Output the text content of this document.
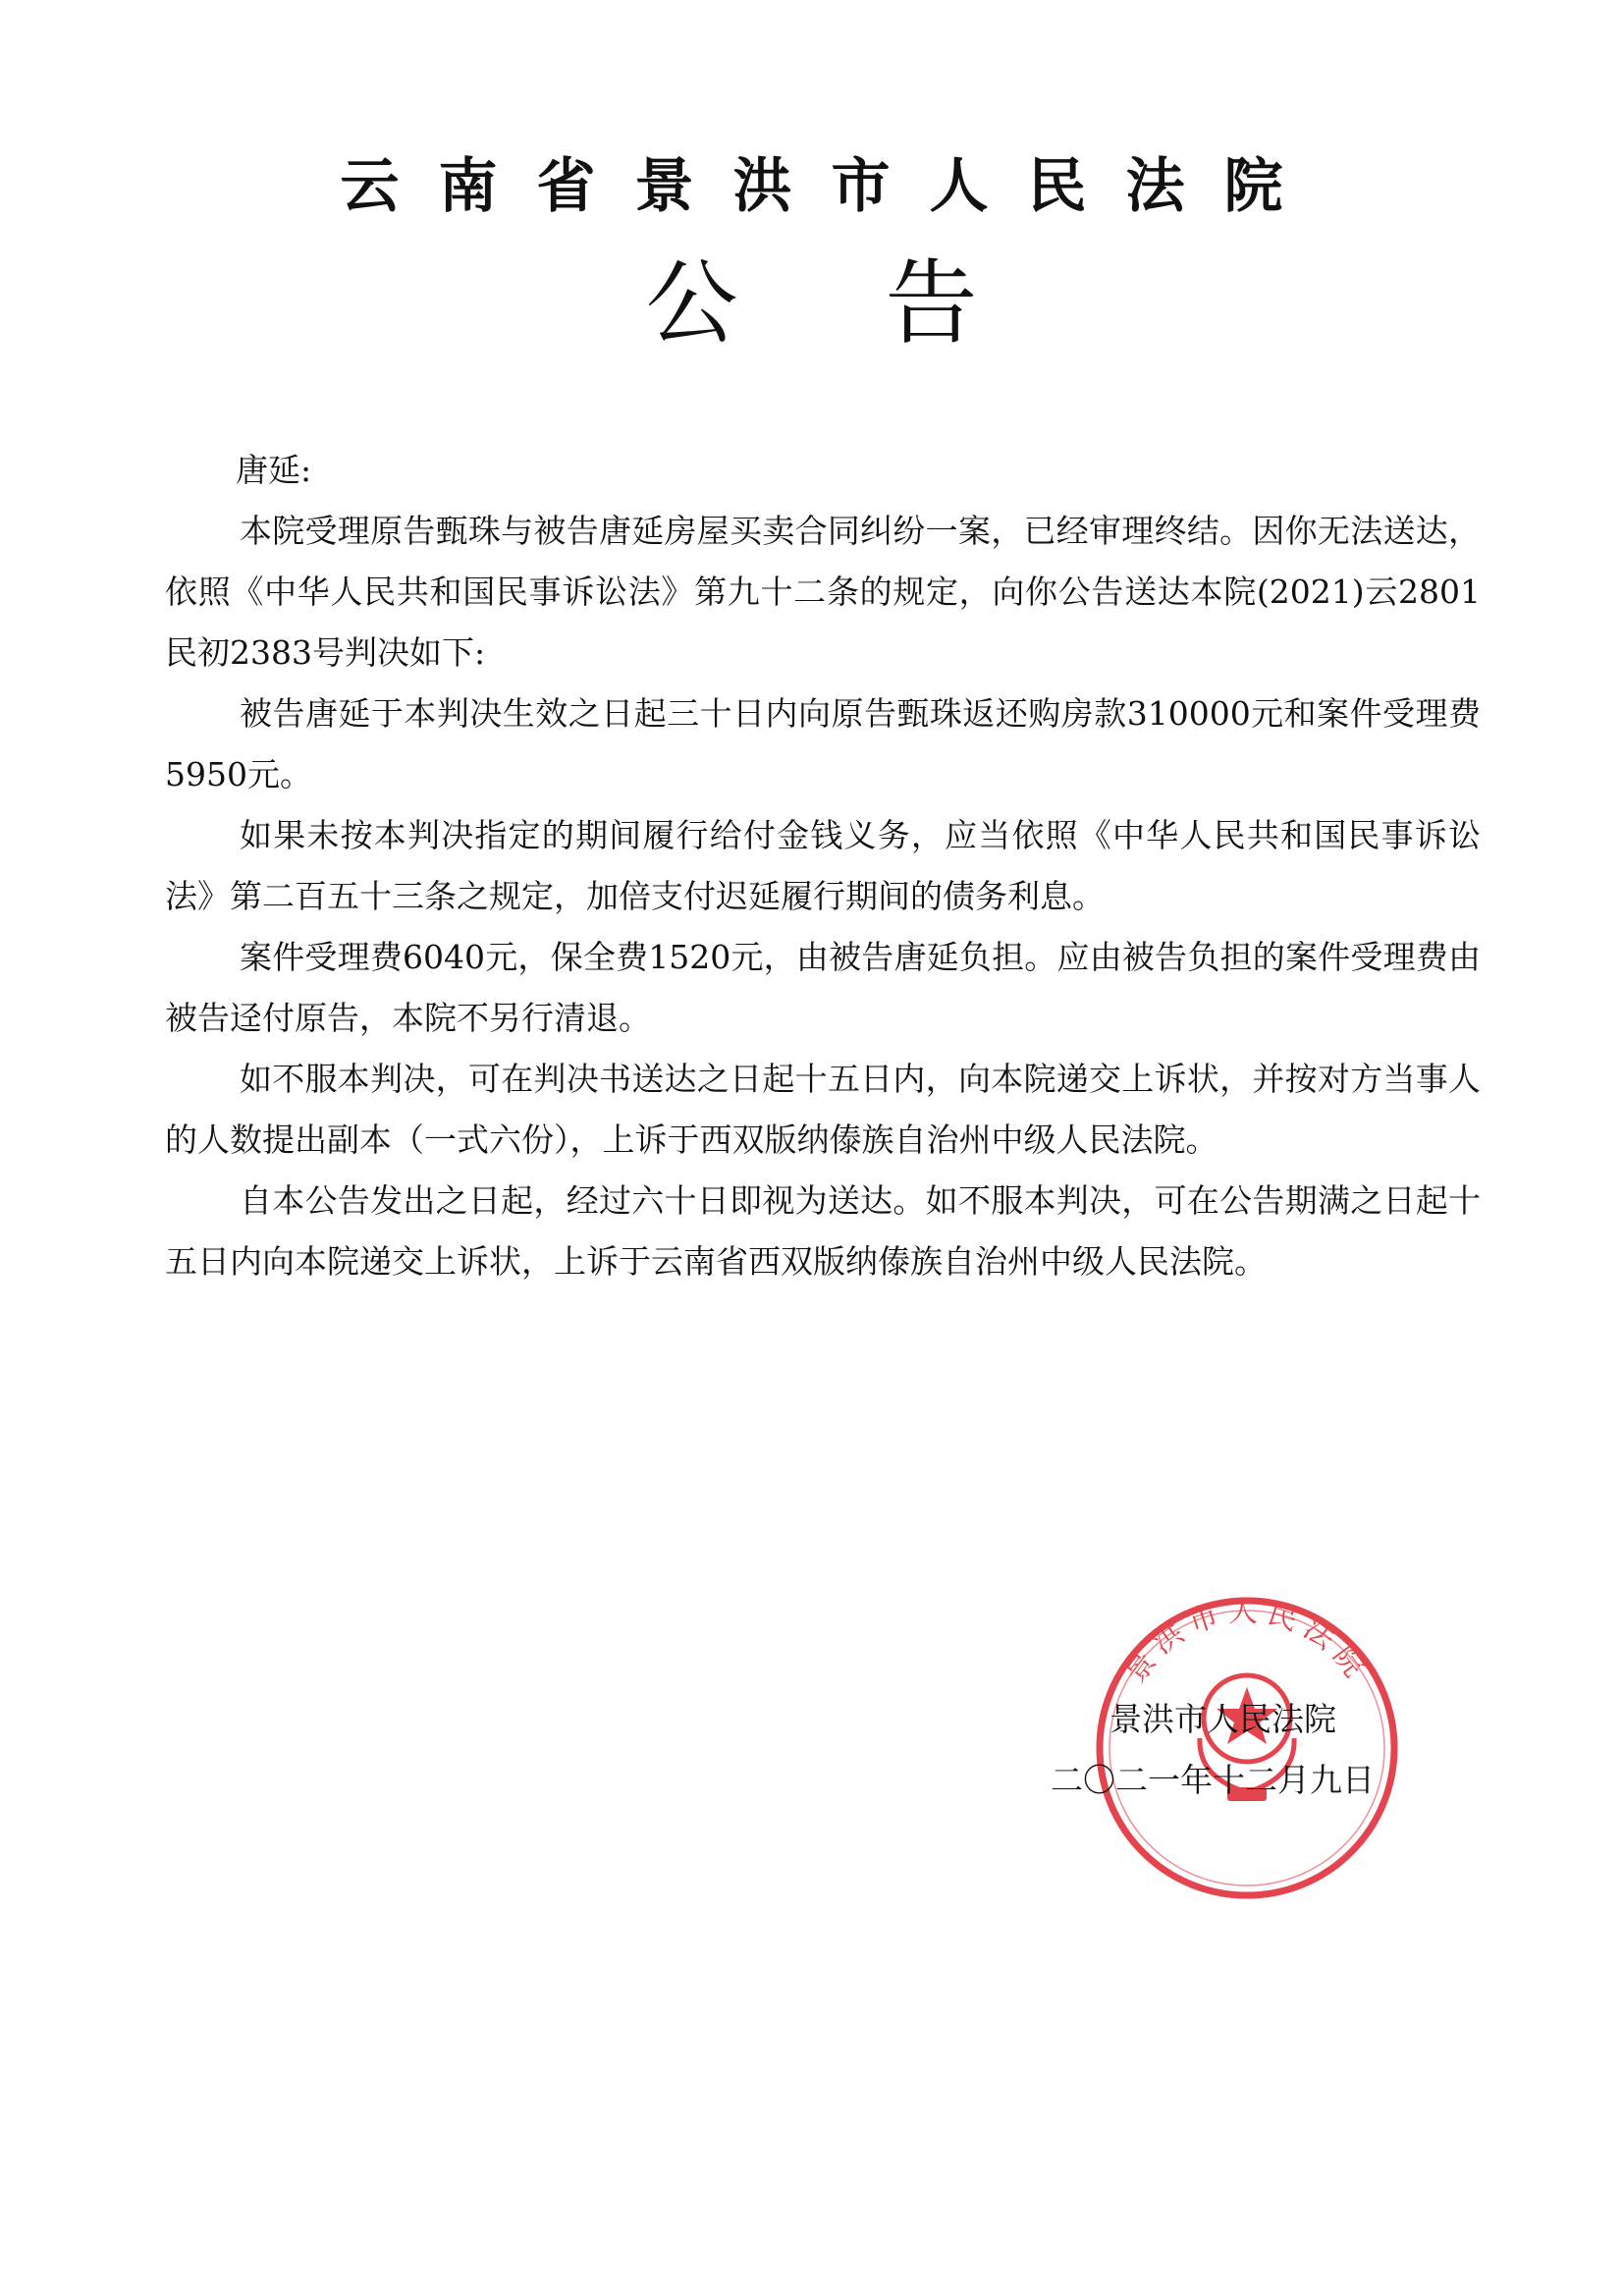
云南省景洪市人民法院
公告

唐延:

本院受理原告甄珠与被告唐延房屋买卖合同纠纷一案，已经审理终结。因你无法送达，依照《中华人民共和国民事诉讼法》第九十二条的规定，向你公告送达本院(2021)云2801民初2383号判决如下:

被告唐延于本判决生效之日起三十日内向原告甄珠返还购房款310000元和案件受理费5950元。

如果未按本判决指定的期间履行给付金钱义务，应当依照《中华人民共和国民事诉讼法》第二百五十三条之规定，加倍支付迟延履行期间的债务利息。

案件受理费6040元，保全费1520元，由被告唐延负担。应由被告负担的案件受理费由被告迳付原告，本院不另行清退。

如不服本判决，可在判决书送达之日起十五日内，向本院递交上诉状，并按对方当事人的人数提出副本（一式六份），上诉于西双版纳傣族自治州中级人民法院。

自本公告发出之日起，经过六十日即视为送达。如不服本判决，可在公告期满之日起十五日内向本院递交上诉状，上诉于云南省西双版纳傣族自治州中级人民法院。

景洪市人民法院
景洪市人民法院
二〇二一年十二月九日
